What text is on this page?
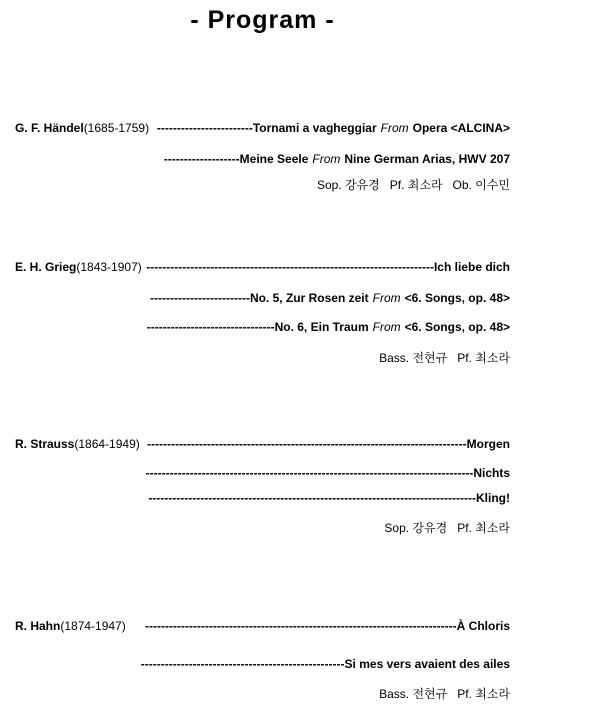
- Program -
G. F. Händel(1685-1759) ------------------------Tornami a vagheggiar From Opera <ALCINA>
-------------------Meine Seele From Nine German Arias, HWV 207
Sop. 강유경   Pf. 최소라   Ob. 이수민
E. H. Grieg(1843-1907) ------------------------------------------------------------------------Ich liebe dich
-------------------------No. 5, Zur Rosen zeit From <6. Songs, op. 48>
--------------------------------No. 6, Ein Traum From <6. Songs, op. 48>
Bass. 전현규   Pf. 최소라
R. Strauss(1864-1949) --------------------------------------------------------------------------------Morgen
----------------------------------------------------------------------------------Nichts
----------------------------------------------------------------------------------Kling!
Sop. 강유경   Pf. 최소라
R. Hahn(1874-1947)	------------------------------------------------------------------------------À Chloris
---------------------------------------------------Si mes vers avaient des ailes
Bass. 전현규   Pf. 최소라
